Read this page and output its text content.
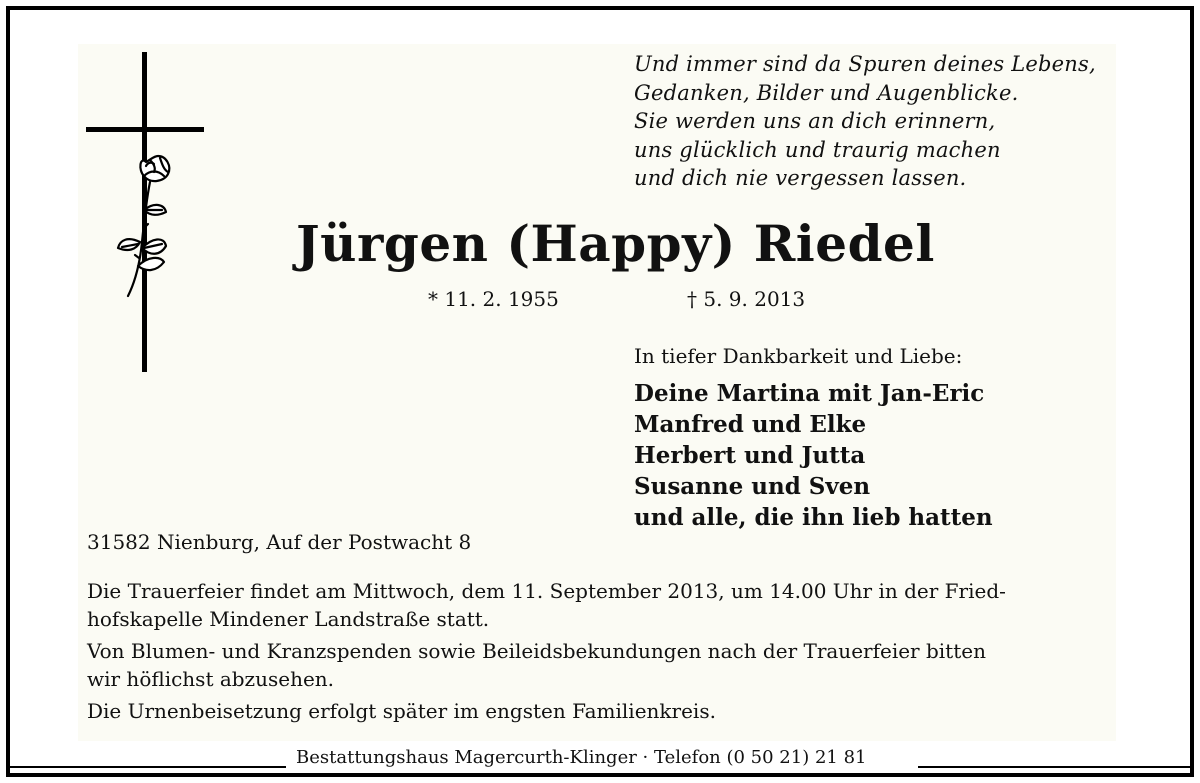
Und immer sind da Spuren deines Lebens,
Gedanken, Bilder und Augenblicke.
Sie werden uns an dich erinnern,
uns glücklich und traurig machen
und dich nie vergessen lassen.
Jürgen (Happy) Riedel
* 11. 2. 1955	† 5. 9. 2013
In tiefer Dankbarkeit und Liebe:
Deine Martina mit Jan-Eric
Manfred und Elke
Herbert und Jutta
Susanne und Sven
und alle, die ihn lieb hatten
31582 Nienburg, Auf der Postwacht 8
Die Trauerfeier findet am Mittwoch, dem 11. September 2013, um 14.00 Uhr in der Fried-
hofskapelle Mindener Landstraße statt.
Von Blumen- und Kranzspenden sowie Beileidsbekundungen nach der Trauerfeier bitten
wir höflichst abzusehen.
Die Urnenbeisetzung erfolgt später im engsten Familienkreis.
Bestattungshaus Magercurth-Klinger · Telefon (0 50 21) 21 81
